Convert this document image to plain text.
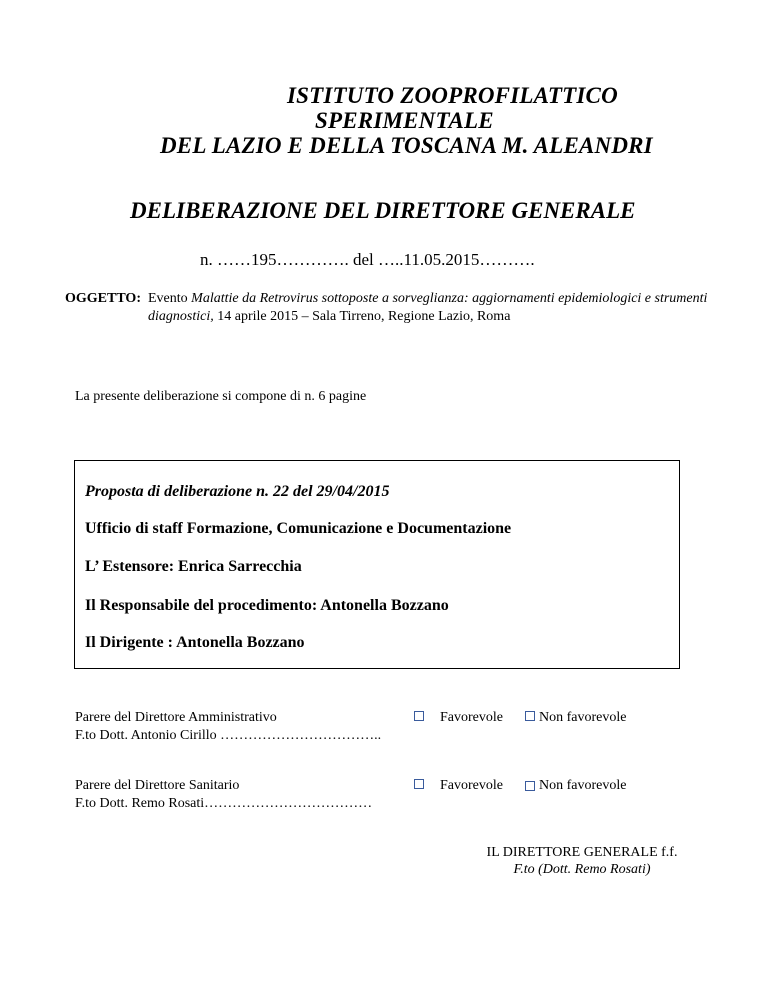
ISTITUTO ZOOPROFILATTICO
SPERIMENTALE
DEL LAZIO E DELLA TOSCANA M. ALEANDRI
DELIBERAZIONE DEL DIRETTORE GENERALE
n. ……195…………. del …..11.05.2015……….
OGGETTO: Evento Malattie da Retrovirus sottoposte a sorveglianza: aggiornamenti epidemiologici e strumenti diagnostici, 14 aprile 2015 – Sala Tirreno, Regione Lazio, Roma
La presente deliberazione si compone di n. 6 pagine
Proposta di deliberazione n. 22 del 29/04/2015
Ufficio di staff Formazione, Comunicazione e Documentazione
L’ Estensore: Enrica Sarrecchia
Il Responsabile del procedimento: Antonella Bozzano
Il Dirigente : Antonella Bozzano
Parere del Direttore Amministrativo
F.to Dott. Antonio Cirillo ……………………………..
Favorevole	Non favorevole
Parere del Direttore Sanitario
F.to Dott. Remo Rosati………………………………
Favorevole	Non favorevole
IL DIRETTORE GENERALE f.f.
F.to (Dott. Remo Rosati)
